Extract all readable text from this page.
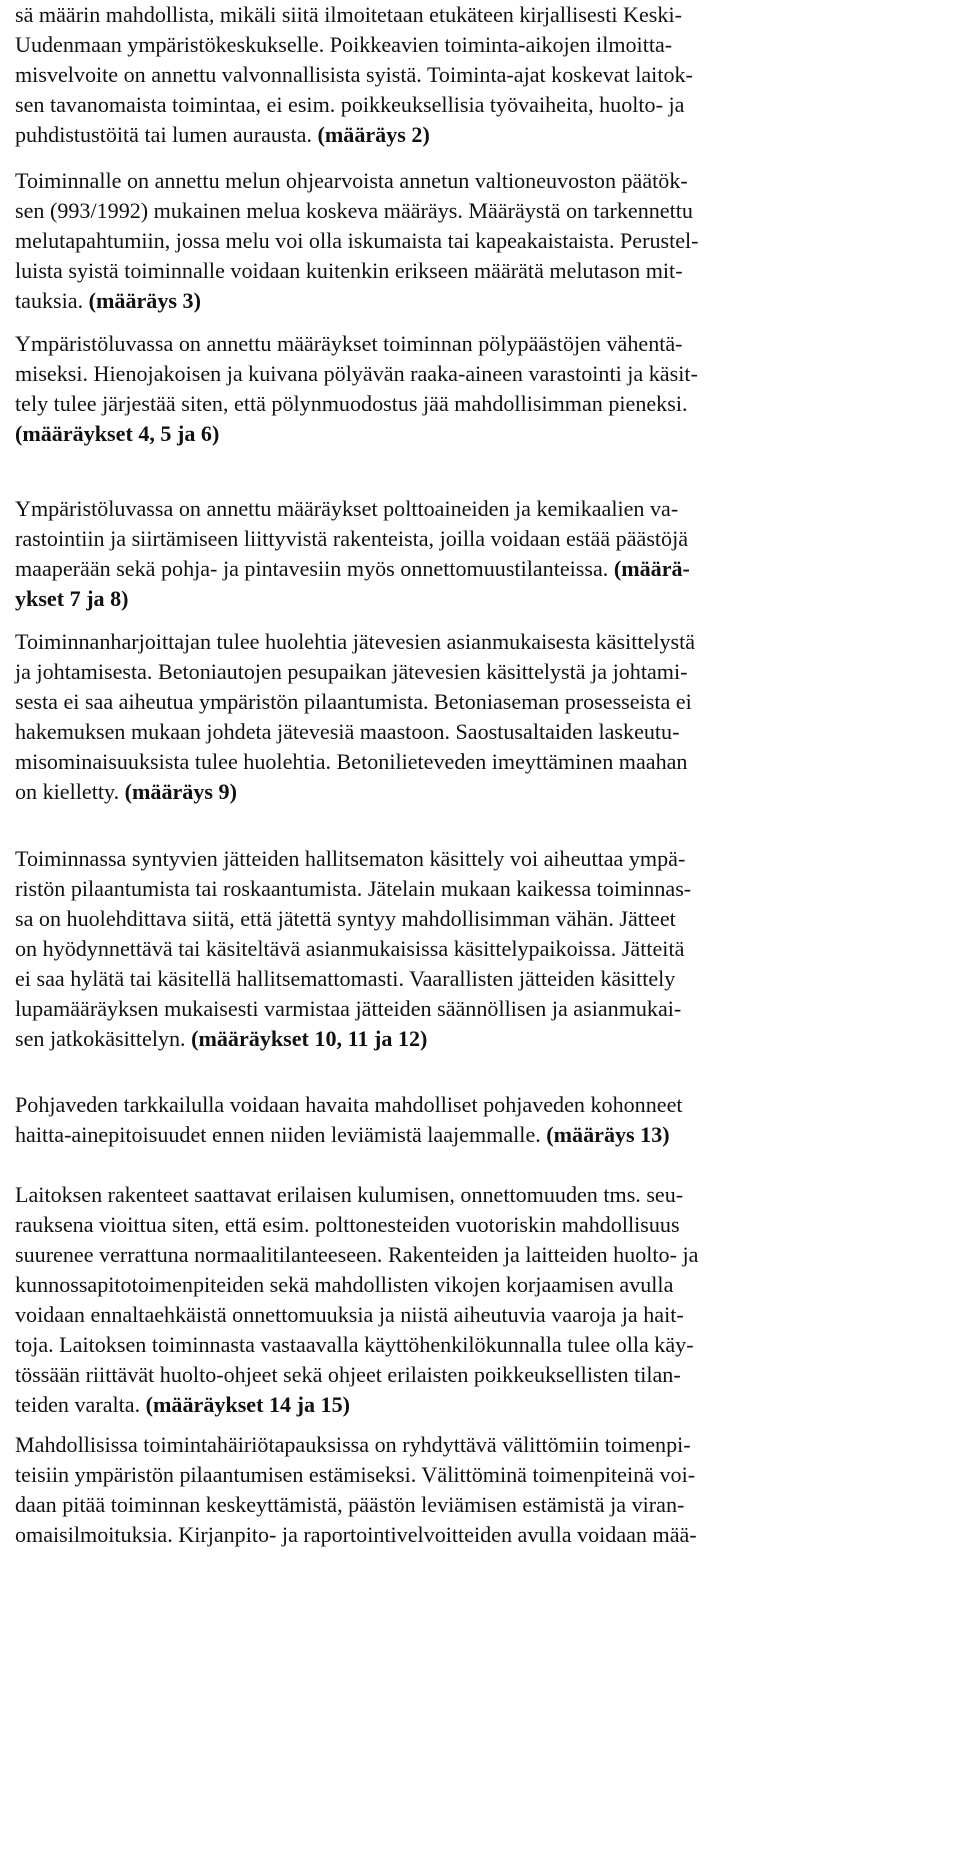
sä määrin mahdollista, mikäli siitä ilmoitetaan etukäteen kirjallisesti Keski-
Uudenmaan ympäristökeskukselle. Poikkeavien toiminta-aikojen ilmoitta-
misvelvoite on annettu valvonnallisista syistä. Toiminta-ajat koskevat laitok-
sen tavanomaista toimintaa, ei esim. poikkeuksellisia työvaiheita, huolto- ja
puhdistustöitä tai lumen aurausta. (määräys 2)
Toiminnalle on annettu melun ohjearvoista annetun valtioneuvoston päätök-
sen (993/1992) mukainen melua koskeva määräys. Määräystä on tarkennettu
melutapahtumiin, jossa melu voi olla iskumaista tai kapeakaistaista. Perustel-
luista syistä toiminnalle voidaan kuitenkin erikseen määrätä melutason mit-
tauksia. (määräys 3)
Ympäristöluvassa on annettu määräykset toiminnan pölypäästöjen vähentä-
miseksi. Hienojakoisen ja kuivana pölyävän raaka-aineen varastointi ja käsit-
tely tulee järjestää siten, että pölynmuodostus jää mahdollisimman pieneksi.
(määräykset 4, 5 ja 6)
Ympäristöluvassa on annettu määräykset polttoaineiden ja kemikaalien va-
rastointiin ja siirtämiseen liittyvistä rakenteista, joilla voidaan estää päästöjä
maaperään sekä pohja- ja pintavesiin myös onnettomuustilanteissa. (määrä-
ykset 7 ja 8)
Toiminnanharjoittajan tulee huolehtia jätevesien asianmukaisesta käsittelystä
ja johtamisesta. Betoniautojen pesupaikan jätevesien käsittelystä ja johtami-
sesta ei saa aiheutua ympäristön pilaantumista. Betoniaseman prosesseista ei
hakemuksen mukaan johdeta jätevesiä maastoon. Saostusaltaiden laskeutu-
misominaisuuksista tulee huolehtia. Betonilieteveden imeyttäminen maahan
on kielletty. (määräys 9)
Toiminnassa syntyvien jätteiden hallitsematon käsittely voi aiheuttaa ympä-
ristön pilaantumista tai roskaantumista. Jätelain mukaan kaikessa toiminnas-
sa on huolehdittava siitä, että jätettä syntyy mahdollisimman vähän. Jätteet
on hyödynnettävä tai käsiteltävä asianmukaisissa käsittelypaikoissa. Jätteitä
ei saa hylätä tai käsitellä hallitsemattomasti. Vaarallisten jätteiden käsittely
lupamääräyksen mukaisesti varmistaa jätteiden säännöllisen ja asianmukai-
sen jatkokäsittelyn. (määräykset 10, 11 ja 12)
Pohjaveden tarkkailulla voidaan havaita mahdolliset pohjaveden kohonneet
haitta-ainepitoisuudet ennen niiden leviämistä laajemmalle. (määräys 13)
Laitoksen rakenteet saattavat erilaisen kulumisen, onnettomuuden tms. seu-
rauksena vioittua siten, että esim. polttonesteiden vuotoriskin mahdollisuus
suurenee verrattuna normaalitilanteeseen. Rakenteiden ja laitteiden huolto- ja
kunnossapitotoimenpiteiden sekä mahdollisten vikojen korjaamisen avulla
voidaan ennaltaehkäistä onnettomuuksia ja niistä aiheutuvia vaaroja ja hait-
toja. Laitoksen toiminnasta vastaavalla käyttöhenkilökunnalla tulee olla käy-
tössään riittävät huolto-ohjeet sekä ohjeet erilaisten poikkeuksellisten tilan-
teiden varalta. (määräykset 14 ja 15)
Mahdollisissa toimintahäiriötapauksissa on ryhdyttävä välittömiin toimenpi-
teisiin ympäristön pilaantumisen estämiseksi. Välittöminä toimenpiteinä voi-
daan pitää toiminnan keskeyttämistä, päästön leviämisen estämistä ja viran-
omaisilmoituksia. Kirjanpito- ja raportointivelvoitteiden avulla voidaan mää-
